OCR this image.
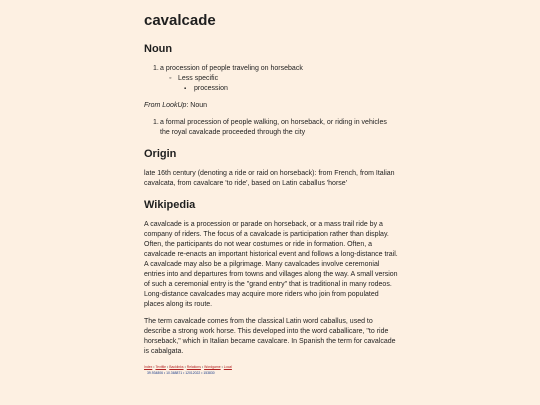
cavalcade
Noun
1. a procession of people traveling on horseback
◦ Less specific
▪ procession
From LookUp: Noun
1. a formal procession of people walking, on horseback, or riding in vehicles
the royal cavalcade proceeded through the city
Origin
late 16th century (denoting a ride or raid on horseback): from French, from Italian cavalcata, from cavalcare 'to ride', based on Latin caballus 'horse'
Wikipedia
A cavalcade is a procession or parade on horseback, or a mass trail ride by a company of riders. The focus of a cavalcade is participation rather than display. Often, the participants do not wear costumes or ride in formation. Often, a cavalcade re-enacts an important historical event and follows a long-distance trail. A cavalcade may also be a pilgrimage. Many cavalcades involve ceremonial entries into and departures from towns and villages along the way. A small version of such a ceremonial entry is the "grand entry" that is traditional in many rodeos. Long-distance cavalcades may acquire more riders who join from populated places along its route.
The term cavalcade comes from the classical Latin word caballus, used to describe a strong work horse. This developed into the word caballicare, "to ride horseback," which in Italian became cavalcare. In Spanish the term for cavalcade is cabalgata.
Index•Textfile•Backlinks•Relations•Wordgame•Local
39.934806 • 10.368871 • 12012022 • 153830
